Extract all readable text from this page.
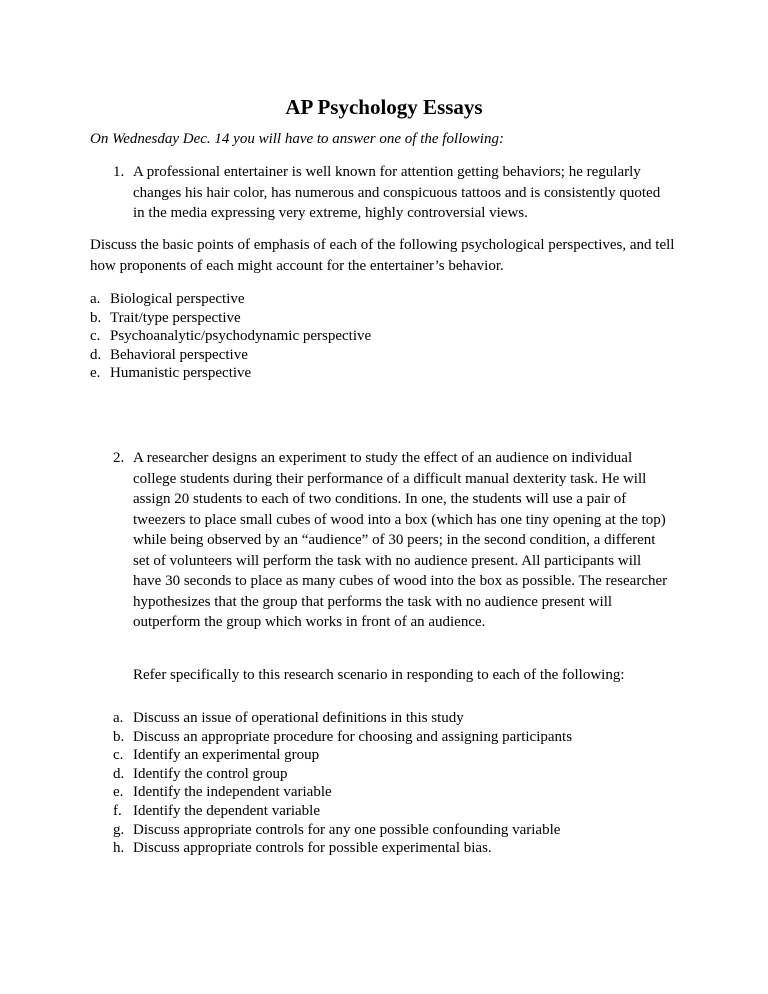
AP Psychology Essays
On Wednesday Dec. 14 you will have to answer one of the following:
1. A professional entertainer is well known for attention getting behaviors; he regularly changes his hair color, has numerous and conspicuous tattoos and is consistently quoted in the media expressing very extreme, highly controversial views.
Discuss the basic points of emphasis of each of the following psychological perspectives, and tell how proponents of each might account for the entertainer’s behavior.
a. Biological perspective
b. Trait/type perspective
c. Psychoanalytic/psychodynamic perspective
d. Behavioral perspective
e. Humanistic perspective
2. A researcher designs an experiment to study the effect of an audience on individual college students during their performance of a difficult manual dexterity task. He will assign 20 students to each of two conditions. In one, the students will use a pair of tweezers to place small cubes of wood into a box (which has one tiny opening at the top) while being observed by an “audience” of 30 peers; in the second condition, a different set of volunteers will perform the task with no audience present. All participants will have 30 seconds to place as many cubes of wood into the box as possible. The researcher hypothesizes that the group that performs the task with no audience present will outperform the group which works in front of an audience.
Refer specifically to this research scenario in responding to each of the following:
a. Discuss an issue of operational definitions in this study
b. Discuss an appropriate procedure for choosing and assigning participants
c. Identify an experimental group
d. Identify the control group
e. Identify the independent variable
f. Identify the dependent variable
g. Discuss appropriate controls for any one possible confounding variable
h. Discuss appropriate controls for possible experimental bias.
